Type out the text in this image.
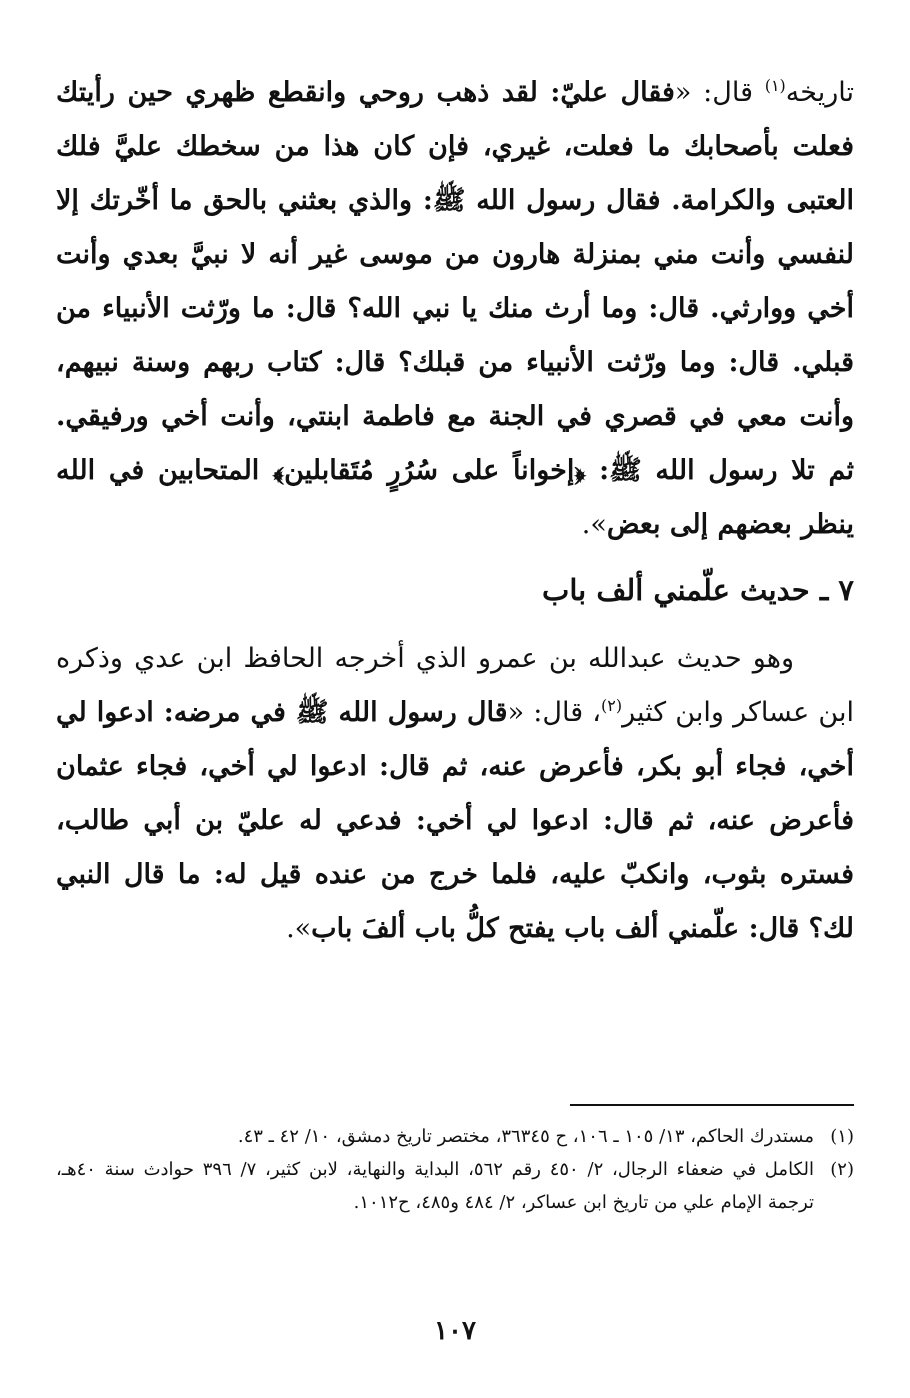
تاريخه$^{(١)}$ قال: «فقال عليّ: لقد ذهب روحي وانقطع ظهري حين رأيتك فعلت بأصحابك ما فعلت، غيري، فإن كان هذا من سخطك عليَّ فلك العتبى والكرامة. فقال رسول الله ﷺ: والذي بعثني بالحق ما أخّرتك إلا لنفسي وأنت مني بمنزلة هارون من موسى غير أنه لا نبيَّ بعدي وأنت أخي ووارثي. قال: وما أرث منك يا نبي الله؟ قال: ما ورّثت الأنبياء من قبلي. قال: وما ورّثت الأنبياء من قبلك؟ قال: كتاب ربهم وسنة نبيهم، وأنت معي في قصري في الجنة مع فاطمة ابنتي، وأنت أخي ورفيقي. ثم تلا رسول الله ﷺ: ﴿إخواناً على سُرُرٍ مُتَقابلين﴾ المتحابين في الله ينظر بعضهم إلى بعض».

٧ ـ حديث علّمني ألف باب

وهو حديث عبدالله بن عمرو الذي أخرجه الحافظ ابن عدي وذكره ابن عساكر وابن كثير$^{(٢)}$، قال: «قال رسول الله ﷺ في مرضه: ادعوا لي أخي، فجاء أبو بكر، فأعرض عنه، ثم قال: ادعوا لي أخي، فجاء عثمان فأعرض عنه، ثم قال: ادعوا لي أخي: فدعي له عليّ بن أبي طالب، فستره بثوب، وانكبّ عليه، فلما خرج من عنده قيل له: ما قال النبي لك؟ قال: علّمني ألف باب يفتح كلُّ باب ألفَ باب».

(١)
مستدرك الحاكم، ١٣/ ١٠٥ ـ ١٠٦، ح ٣٦٣٤٥، مختصر تاريخ دمشق، ١٠/ ٤٢ ـ ٤٣.

(٢)
الكامل في ضعفاء الرجال، ٢/ ٤٥٠ رقم ٥٦٢، البداية والنهاية، لابن كثير، ٧/ ٣٩٦ حوادث سنة ٤٠هـ، ترجمة الإمام علي من تاريخ ابن عساكر، ٢/ ٤٨٤ و٤٨٥، ح١٠١٢.

١٠٧
